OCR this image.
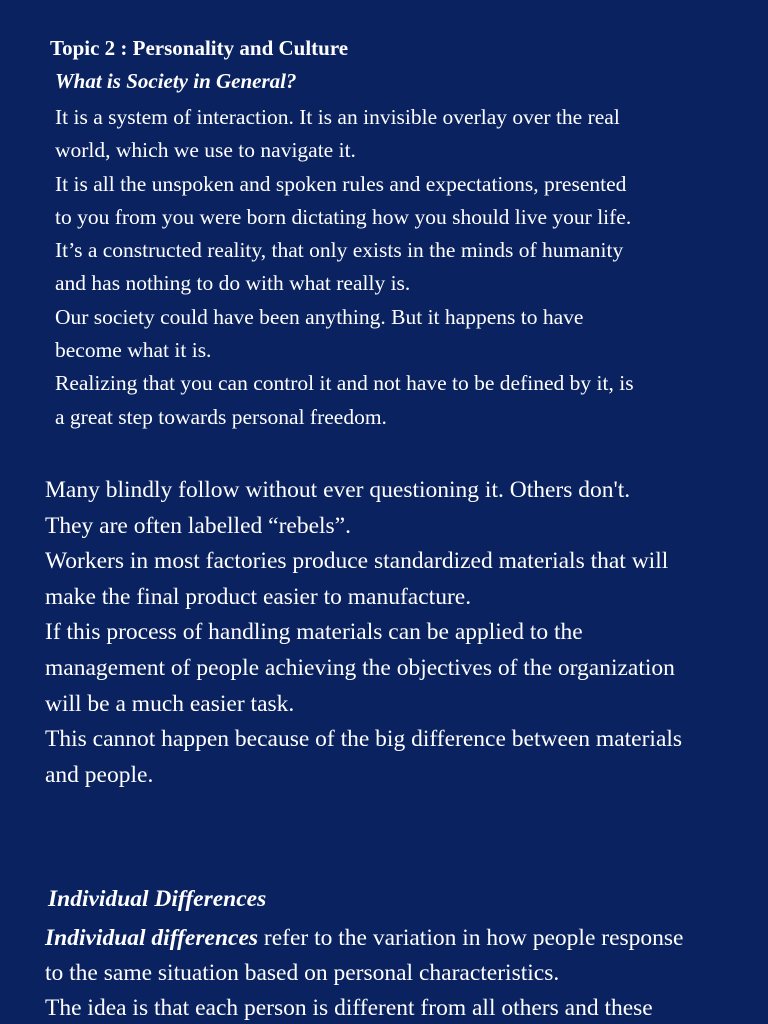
Topic 2 : Personality and Culture
What is Society in General?
It is a system of interaction. It is an invisible overlay over the real
world, which we use to navigate it.
It is all the unspoken and spoken rules and expectations, presented
to you from you were born dictating how you should live your life.
It’s a constructed reality, that only exists in the minds of humanity
and has nothing to do with what really is.
Our society could have been anything. But it happens to have
become what it is.
Realizing that you can control it and not have to be defined by it, is
a great step towards personal freedom.
Many blindly follow without ever questioning it. Others don't.
They are often labelled “rebels”.
Workers in most factories produce standardized materials that will
make the final product easier to manufacture.
If this process of handling materials can be applied to the
management of people achieving the objectives of the organization
will be a much easier task.
This cannot happen because of the big difference between materials
and people.
Individual Differences
Individual differences refer to the variation in how people response
to the same situation based on personal characteristics.
The idea is that each person is different from all others and these
